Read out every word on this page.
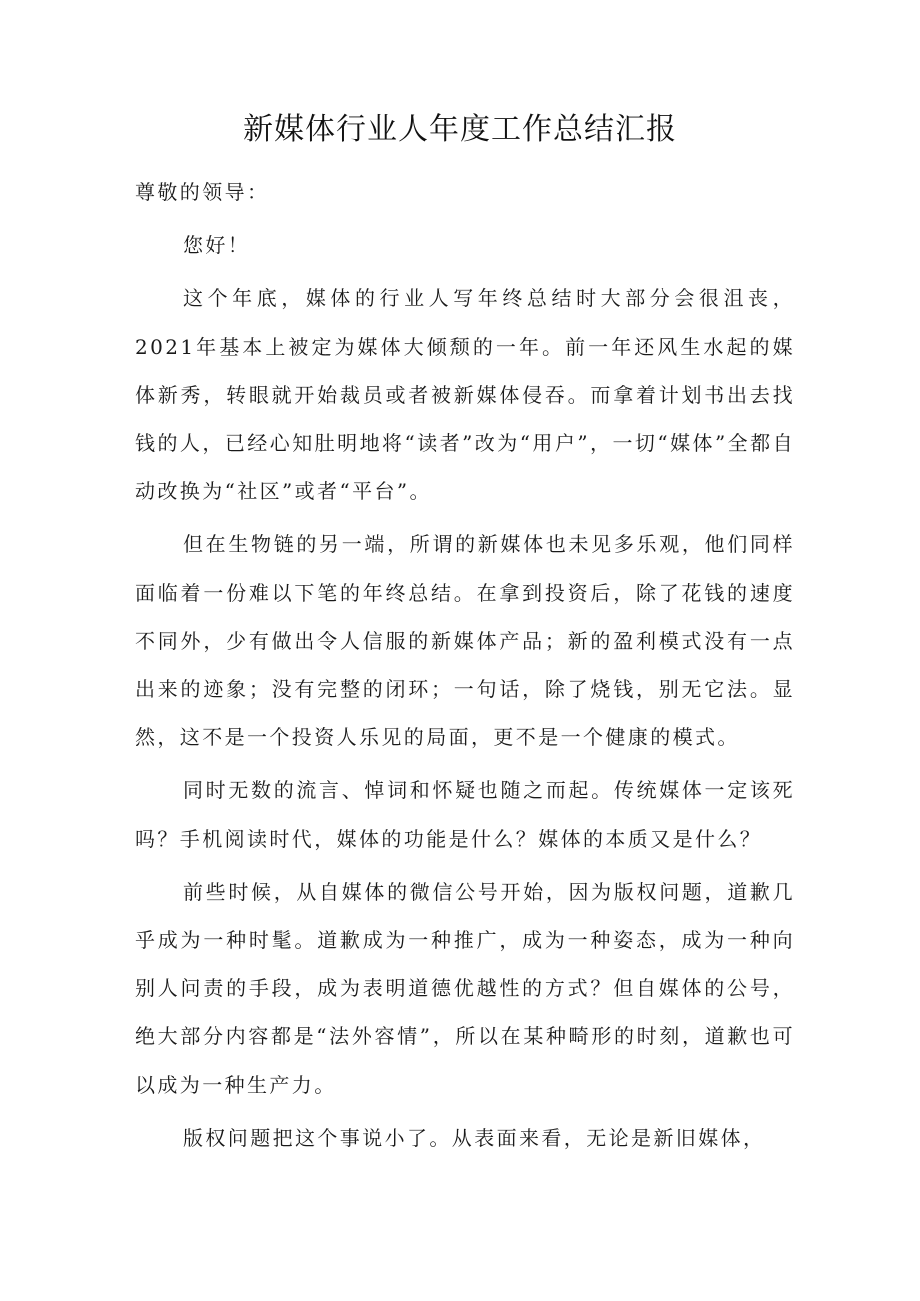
新媒体行业人年度工作总结汇报

尊敬的领导：

您好！

这个年底，媒体的行业人写年终总结时大部分会很沮丧，2021年基本上被定为媒体大倾颓的一年。前一年还风生水起的媒体新秀，转眼就开始裁员或者被新媒体侵吞。而拿着计划书出去找钱的人，已经心知肚明地将“读者”改为“用户”，一切“媒体”全都自动改换为“社区”或者“平台”。

但在生物链的另一端，所谓的新媒体也未见多乐观，他们同样面临着一份难以下笔的年终总结。在拿到投资后，除了花钱的速度不同外，少有做出令人信服的新媒体产品；新的盈利模式没有一点出来的迹象；没有完整的闭环；一句话，除了烧钱，别无它法。显然，这不是一个投资人乐见的局面，更不是一个健康的模式。

同时无数的流言、悼词和怀疑也随之而起。传统媒体一定该死吗？手机阅读时代，媒体的功能是什么？媒体的本质又是什么？

前些时候，从自媒体的微信公号开始，因为版权问题，道歉几乎成为一种时髦。道歉成为一种推广，成为一种姿态，成为一种向别人问责的手段，成为表明道德优越性的方式？但自媒体的公号，绝大部分内容都是“法外容情”，所以在某种畸形的时刻，道歉也可以成为一种生产力。

版权问题把这个事说小了。从表面来看，无论是新旧媒体，
